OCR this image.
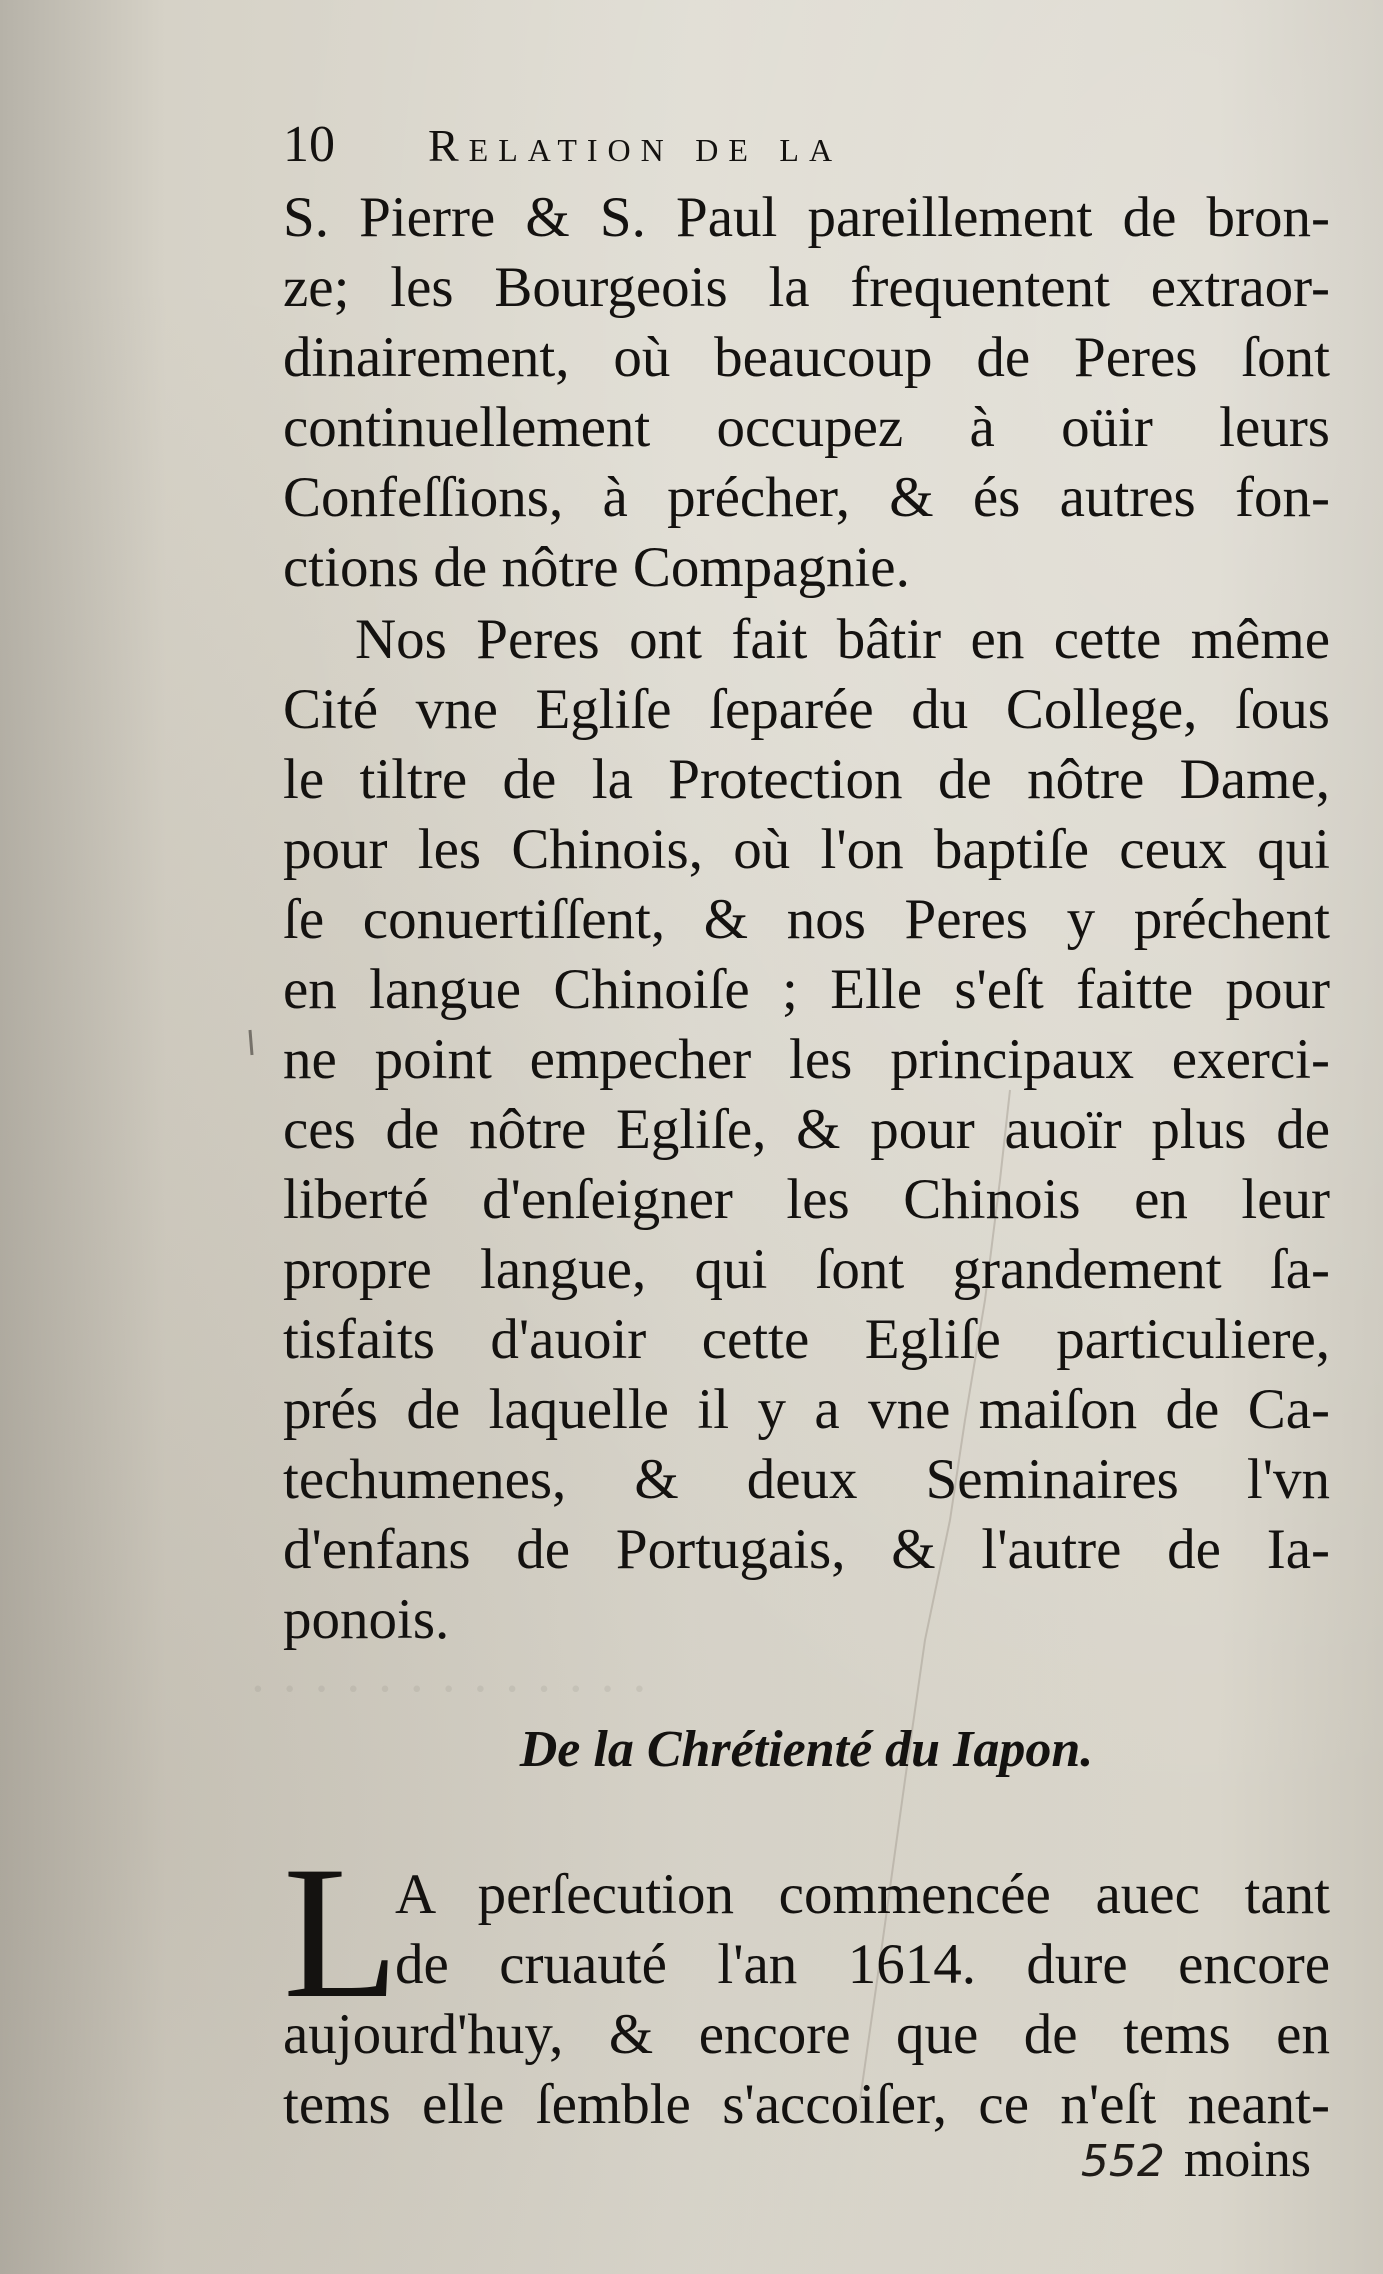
· · · · · · · · · · · · ·
10	Relation de la
S. Pierre & S. Paul pareillement de bron-
ze; les Bourgeois la frequentent extraor-
dinairement, où beaucoup de Peres ſont
continuellement occupez à oüir leurs
Confeſſions, à précher, & és autres fon-
ctions de nôtre Compagnie.
Nos Peres ont fait bâtir en cette même
Cité vne Egliſe ſeparée du College, ſous
le tiltre de la Protection de nôtre Dame,
pour les Chinois, où l'on baptiſe ceux qui
ſe conuertiſſent, & nos Peres y préchent
en langue Chinoiſe ; Elle s'eſt faitte pour
ne point empecher les principaux exerci-
ces de nôtre Egliſe, & pour auoïr plus de
liberté d'enſeigner les Chinois en leur
propre langue, qui ſont grandement ſa-
tisfaits d'auoir cette Egliſe particuliere,
prés de laquelle il y a vne maiſon de Ca-
techumenes, & deux Seminaires l'vn
d'enfans de Portugais, & l'autre de Ia-
ponois.
De la Chrétienté du Iapon.
L
A perſecution commencée auec tant
de cruauté l'an 1614. dure encore
aujourd'huy, & encore que de tems en
tems elle ſemble s'accoiſer, ce n'eſt neant-
552 moins
